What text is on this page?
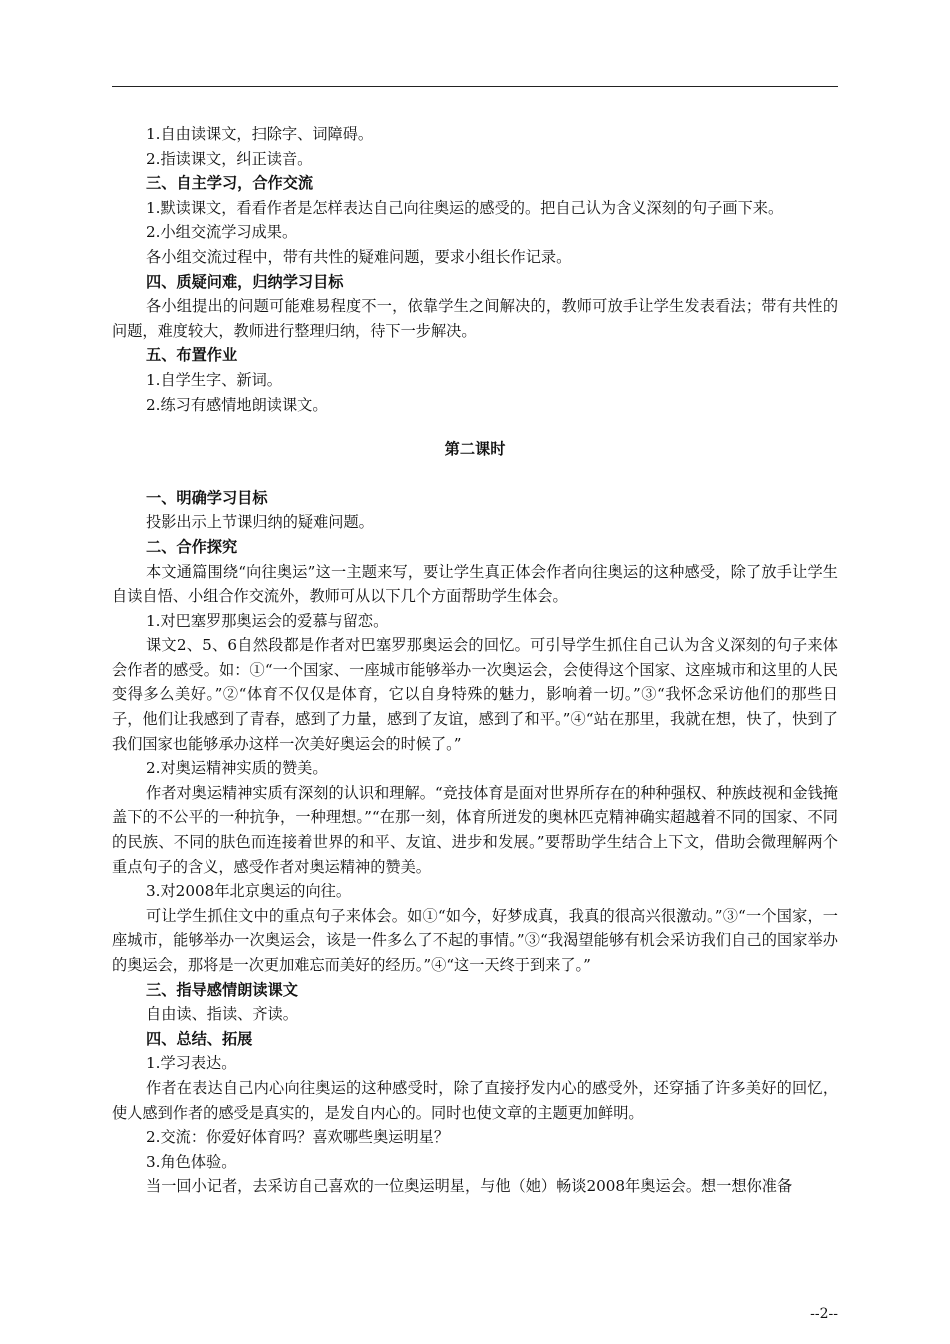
1.自由读课文，扫除字、词障碍。

2.指读课文，纠正读音。

三、自主学习，合作交流

1.默读课文，看看作者是怎样表达自己向往奥运的感受的。把自己认为含义深刻的句子画下来。

2.小组交流学习成果。

各小组交流过程中，带有共性的疑难问题，要求小组长作记录。

四、质疑问难，归纳学习目标

各小组提出的问题可能难易程度不一，依靠学生之间解决的，教师可放手让学生发表看法；带有共性的问题，难度较大，教师进行整理归纳，待下一步解决。

五、布置作业

1.自学生字、新词。

2.练习有感情地朗读课文。

第二课时

一、明确学习目标

投影出示上节课归纳的疑难问题。

二、合作探究

本文通篇围绕“向往奥运”这一主题来写，要让学生真正体会作者向往奥运的这种感受，除了放手让学生自读自悟、小组合作交流外，教师可从以下几个方面帮助学生体会。

1.对巴塞罗那奥运会的爱慕与留恋。

课文2、5、6自然段都是作者对巴塞罗那奥运会的回忆。可引导学生抓住自己认为含义深刻的句子来体会作者的感受。如：①“一个国家、一座城市能够举办一次奥运会，会使得这个国家、这座城市和这里的人民变得多么美好。”②“体育不仅仅是体育，它以自身特殊的魅力，影响着一切。”③“我怀念采访他们的那些日子，他们让我感到了青春，感到了力量，感到了友谊，感到了和平。”④“站在那里，我就在想，快了，快到了我们国家也能够承办这样一次美好奥运会的时候了。”

2.对奥运精神实质的赞美。

作者对奥运精神实质有深刻的认识和理解。“竞技体育是面对世界所存在的种种强权、种族歧视和金钱掩盖下的不公平的一种抗争，一种理想。”“在那一刻，体育所迸发的奥林匹克精神确实超越着不同的国家、不同的民族、不同的肤色而连接着世界的和平、友谊、进步和发展。”要帮助学生结合上下文，借助会微理解两个重点句子的含义，感受作者对奥运精神的赞美。

3.对2008年北京奥运的向往。

可让学生抓住文中的重点句子来体会。如①“如今，好梦成真，我真的很高兴很激动。”③“一个国家，一座城市，能够举办一次奥运会，该是一件多么了不起的事情。”③“我渴望能够有机会采访我们自己的国家举办的奥运会，那将是一次更加难忘而美好的经历。”④“这一天终于到来了。”

三、指导感情朗读课文

自由读、指读、齐读。

四、总结、拓展

1.学习表达。

作者在表达自己内心向往奥运的这种感受时，除了直接抒发内心的感受外，还穿插了许多美好的回忆，使人感到作者的感受是真实的，是发自内心的。同时也使文章的主题更加鲜明。

2.交流：你爱好体育吗？喜欢哪些奥运明星？

3.角色体验。

当一回小记者，去采访自己喜欢的一位奥运明星，与他（她）畅谈2008年奥运会。想一想你准备

--2--
